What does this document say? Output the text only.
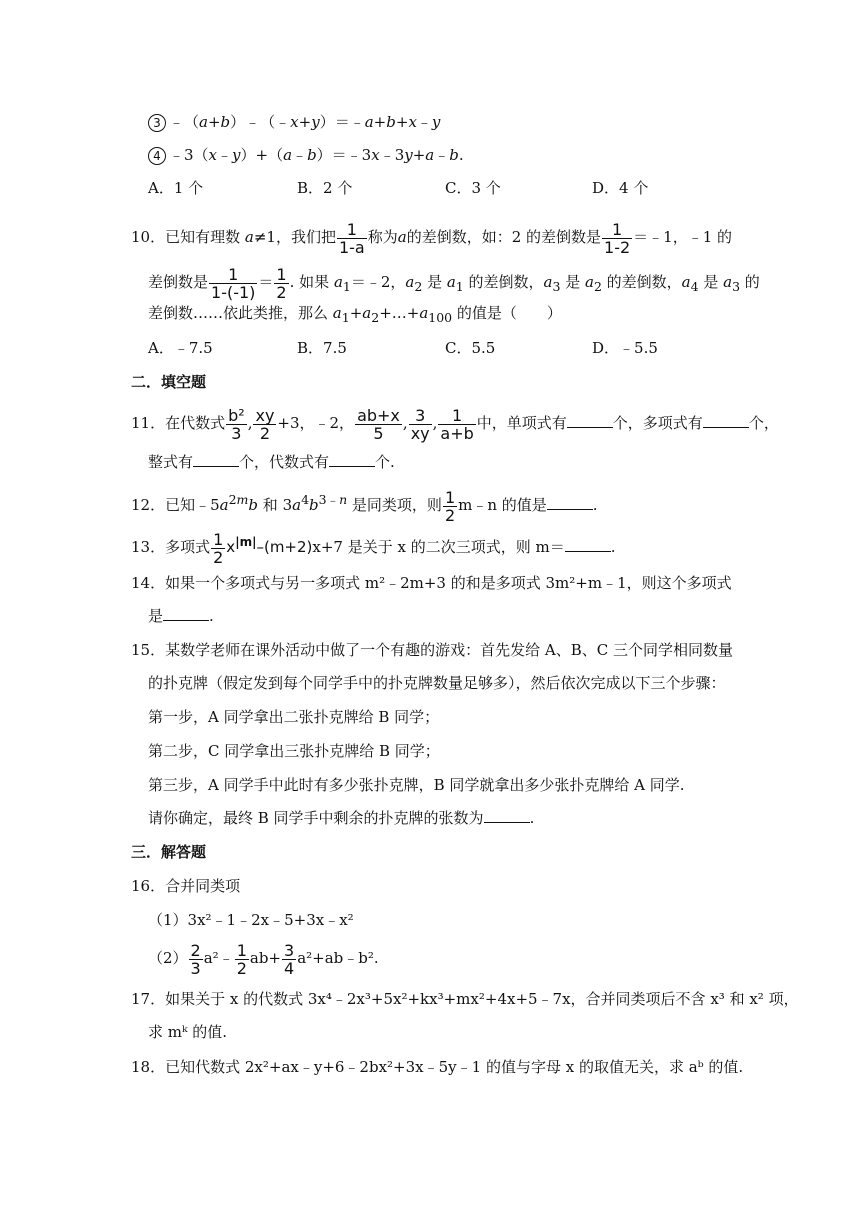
3 ﹣（a+b）﹣（﹣x+y）＝﹣a+b+x﹣y
4 ﹣3（x﹣y）+（a﹣b）＝﹣3x﹣3y+a﹣b.
A．1 个	B．2 个	C．3 个	D．4 个
10．已知有理数 a≠1，我们把 $\frac{1}{1-a}$ 称为a的差倒数，如：2 的差倒数是 $\frac{1}{1-2}$ ＝﹣1，﹣1 的
差倒数是 $\frac{1}{1-(-1)} = \frac{1}{2}$ . 如果 $a_1=﹣2$，$a_2$ 是 $a_1$ 的差倒数，$a_3$ 是 $a_2$ 的差倒数，$a_4$ 是 $a_3$ 的
差倒数……依此类推，那么 $a_1+a_2+\dots+a_{100}$ 的值是（　　）
A．﹣7.5	B．7.5	C．5.5	D．﹣5.5
二．填空题
11．在代数式 $\frac{\text{b²}}{3}$ , $\frac{xy}{2} +3$，﹣2， $\frac{ab+x}{5}$ , $\frac{3}{xy}$ , $\frac{1}{a+b}$ 中，单项式有	个，多项式有	个，
整式有	个，代数式有	个.
12．已知$﹣5a^{2m}b$ 和 $3a^4b^{3﹣n}$ 是同类项，则 $\frac{1}{2}$ m﹣n 的值是	.
13．多项式 $\frac{1}{2} x^{|m|}-(m+2)x+7$ 是关于 x 的二次三项式，则 m＝	.
14．如果一个多项式与另一多项式 m²﹣2m+3 的和是多项式 3m²+m﹣1，则这个多项式
是	.
15．某数学老师在课外活动中做了一个有趣的游戏：首先发给 A、B、C 三个同学相同数量
的扑克牌（假定发到每个同学手中的扑克牌数量足够多），然后依次完成以下三个步骤：
第一步，A 同学拿出二张扑克牌给 B 同学；
第二步，C 同学拿出三张扑克牌给 B 同学；
第三步，A 同学手中此时有多少张扑克牌，B 同学就拿出多少张扑克牌给 A 同学.
请你确定，最终 B 同学手中剩余的扑克牌的张数为	.
三．解答题
16．合并同类项
（1）3x²﹣1﹣2x﹣5+3x﹣x²
$(2) \frac{2}{3}$ a²﹣ $\frac{1}{2} ab+ \frac{3}{4}$ a²+ab﹣b².
17．如果关于 x 的代数式 3x⁴﹣2x³+5x²+kx³+mx²+4x+5﹣7x，合并同类项后不含 x³ 和 x² 项，
求 mᵏ 的值.
18．已知代数式 2x²+ax﹣y+6﹣2bx²+3x﹣5y﹣1 的值与字母 x 的取值无关，求 aᵇ 的值.
